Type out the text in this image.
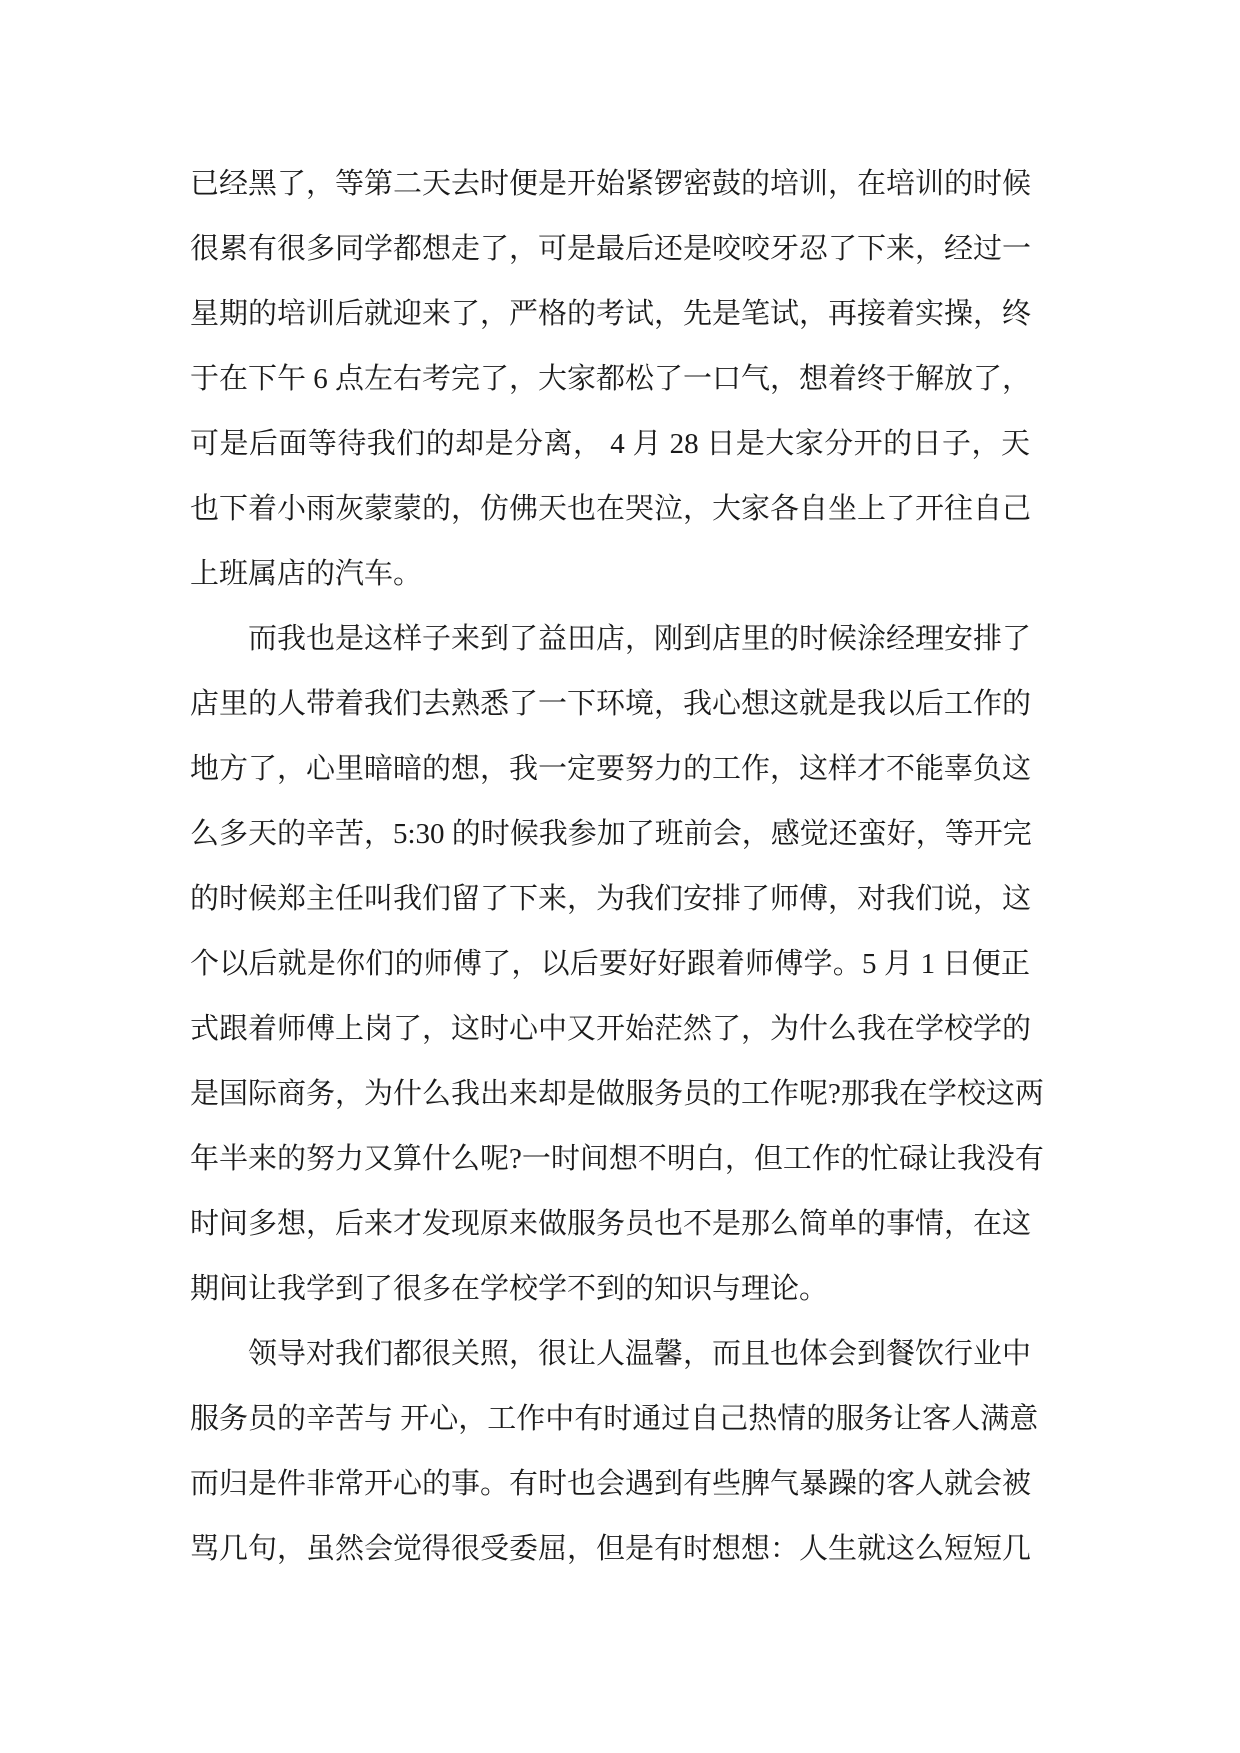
已经黑了，等第二天去时便是开始紧锣密鼓的培训，在培训的时候
很累有很多同学都想走了，可是最后还是咬咬牙忍了下来，经过一
星期的培训后就迎来了，严格的考试，先是笔试，再接着实操，终
于在下午 6 点左右考完了，大家都松了一口气，想着终于解放了，
可是后面等待我们的却是分离， 4 月 28 日是大家分开的日子，天
也下着小雨灰蒙蒙的，仿佛天也在哭泣，大家各自坐上了开往自己
上班属店的汽车。
而我也是这样子来到了益田店，刚到店里的时候涂经理安排了
店里的人带着我们去熟悉了一下环境，我心想这就是我以后工作的
地方了，心里暗暗的想，我一定要努力的工作，这样才不能辜负这
么多天的辛苦，5:30 的时候我参加了班前会，感觉还蛮好，等开完
的时候郑主任叫我们留了下来，为我们安排了师傅，对我们说，这
个以后就是你们的师傅了，以后要好好跟着师傅学。5 月 1 日便正
式跟着师傅上岗了，这时心中又开始茫然了，为什么我在学校学的
是国际商务，为什么我出来却是做服务员的工作呢?那我在学校这两
年半来的努力又算什么呢?一时间想不明白，但工作的忙碌让我没有
时间多想，后来才发现原来做服务员也不是那么简单的事情，在这
期间让我学到了很多在学校学不到的知识与理论。
领导对我们都很关照，很让人温馨，而且也体会到餐饮行业中
服务员的辛苦与 开心，工作中有时通过自己热情的服务让客人满意
而归是件非常开心的事。有时也会遇到有些脾气暴躁的客人就会被
骂几句，虽然会觉得很受委屈，但是有时想想：人生就这么短短几
